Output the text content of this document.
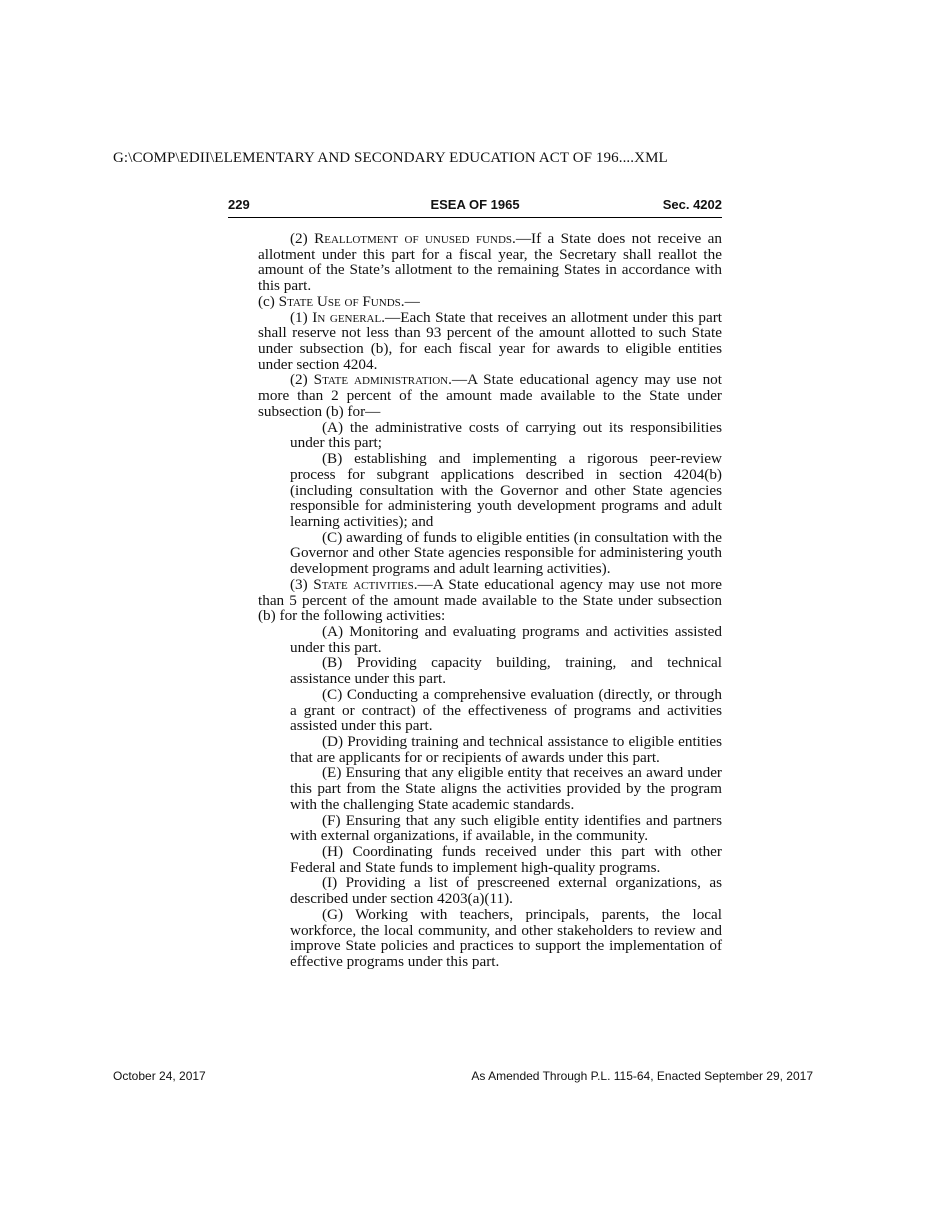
G:\COMP\EDII\ELEMENTARY AND SECONDARY EDUCATION ACT OF 196....XML
229	ESEA OF 1965	Sec. 4202

(2) Reallotment of unused funds.—If a State does not receive an allotment under this part for a fiscal year, the Secretary shall reallot the amount of the State’s allotment to the remaining States in accordance with this part.

(c) State Use of Funds.—

(1) In general.—Each State that receives an allotment under this part shall reserve not less than 93 percent of the amount allotted to such State under subsection (b), for each fiscal year for awards to eligible entities under section 4204.

(2) State administration.—A State educational agency may use not more than 2 percent of the amount made available to the State under subsection (b) for—

(A) the administrative costs of carrying out its responsibilities under this part;

(B) establishing and implementing a rigorous peer-review process for subgrant applications described in section 4204(b) (including consultation with the Governor and other State agencies responsible for administering youth development programs and adult learning activities); and

(C) awarding of funds to eligible entities (in consultation with the Governor and other State agencies responsible for administering youth development programs and adult learning activities).

(3) State activities.—A State educational agency may use not more than 5 percent of the amount made available to the State under subsection (b) for the following activities:

(A) Monitoring and evaluating programs and activities assisted under this part.

(B) Providing capacity building, training, and technical assistance under this part.

(C) Conducting a comprehensive evaluation (directly, or through a grant or contract) of the effectiveness of programs and activities assisted under this part.

(D) Providing training and technical assistance to eligible entities that are applicants for or recipients of awards under this part.

(E) Ensuring that any eligible entity that receives an award under this part from the State aligns the activities provided by the program with the challenging State academic standards.

(F) Ensuring that any such eligible entity identifies and partners with external organizations, if available, in the community.

(H) Coordinating funds received under this part with other Federal and State funds to implement high-quality programs.

(I) Providing a list of prescreened external organizations, as described under section 4203(a)(11).

(G) Working with teachers, principals, parents, the local workforce, the local community, and other stakeholders to review and improve State policies and practices to support the implementation of effective programs under this part.

October 24, 2017	As Amended Through P.L. 115-64, Enacted September 29, 2017
